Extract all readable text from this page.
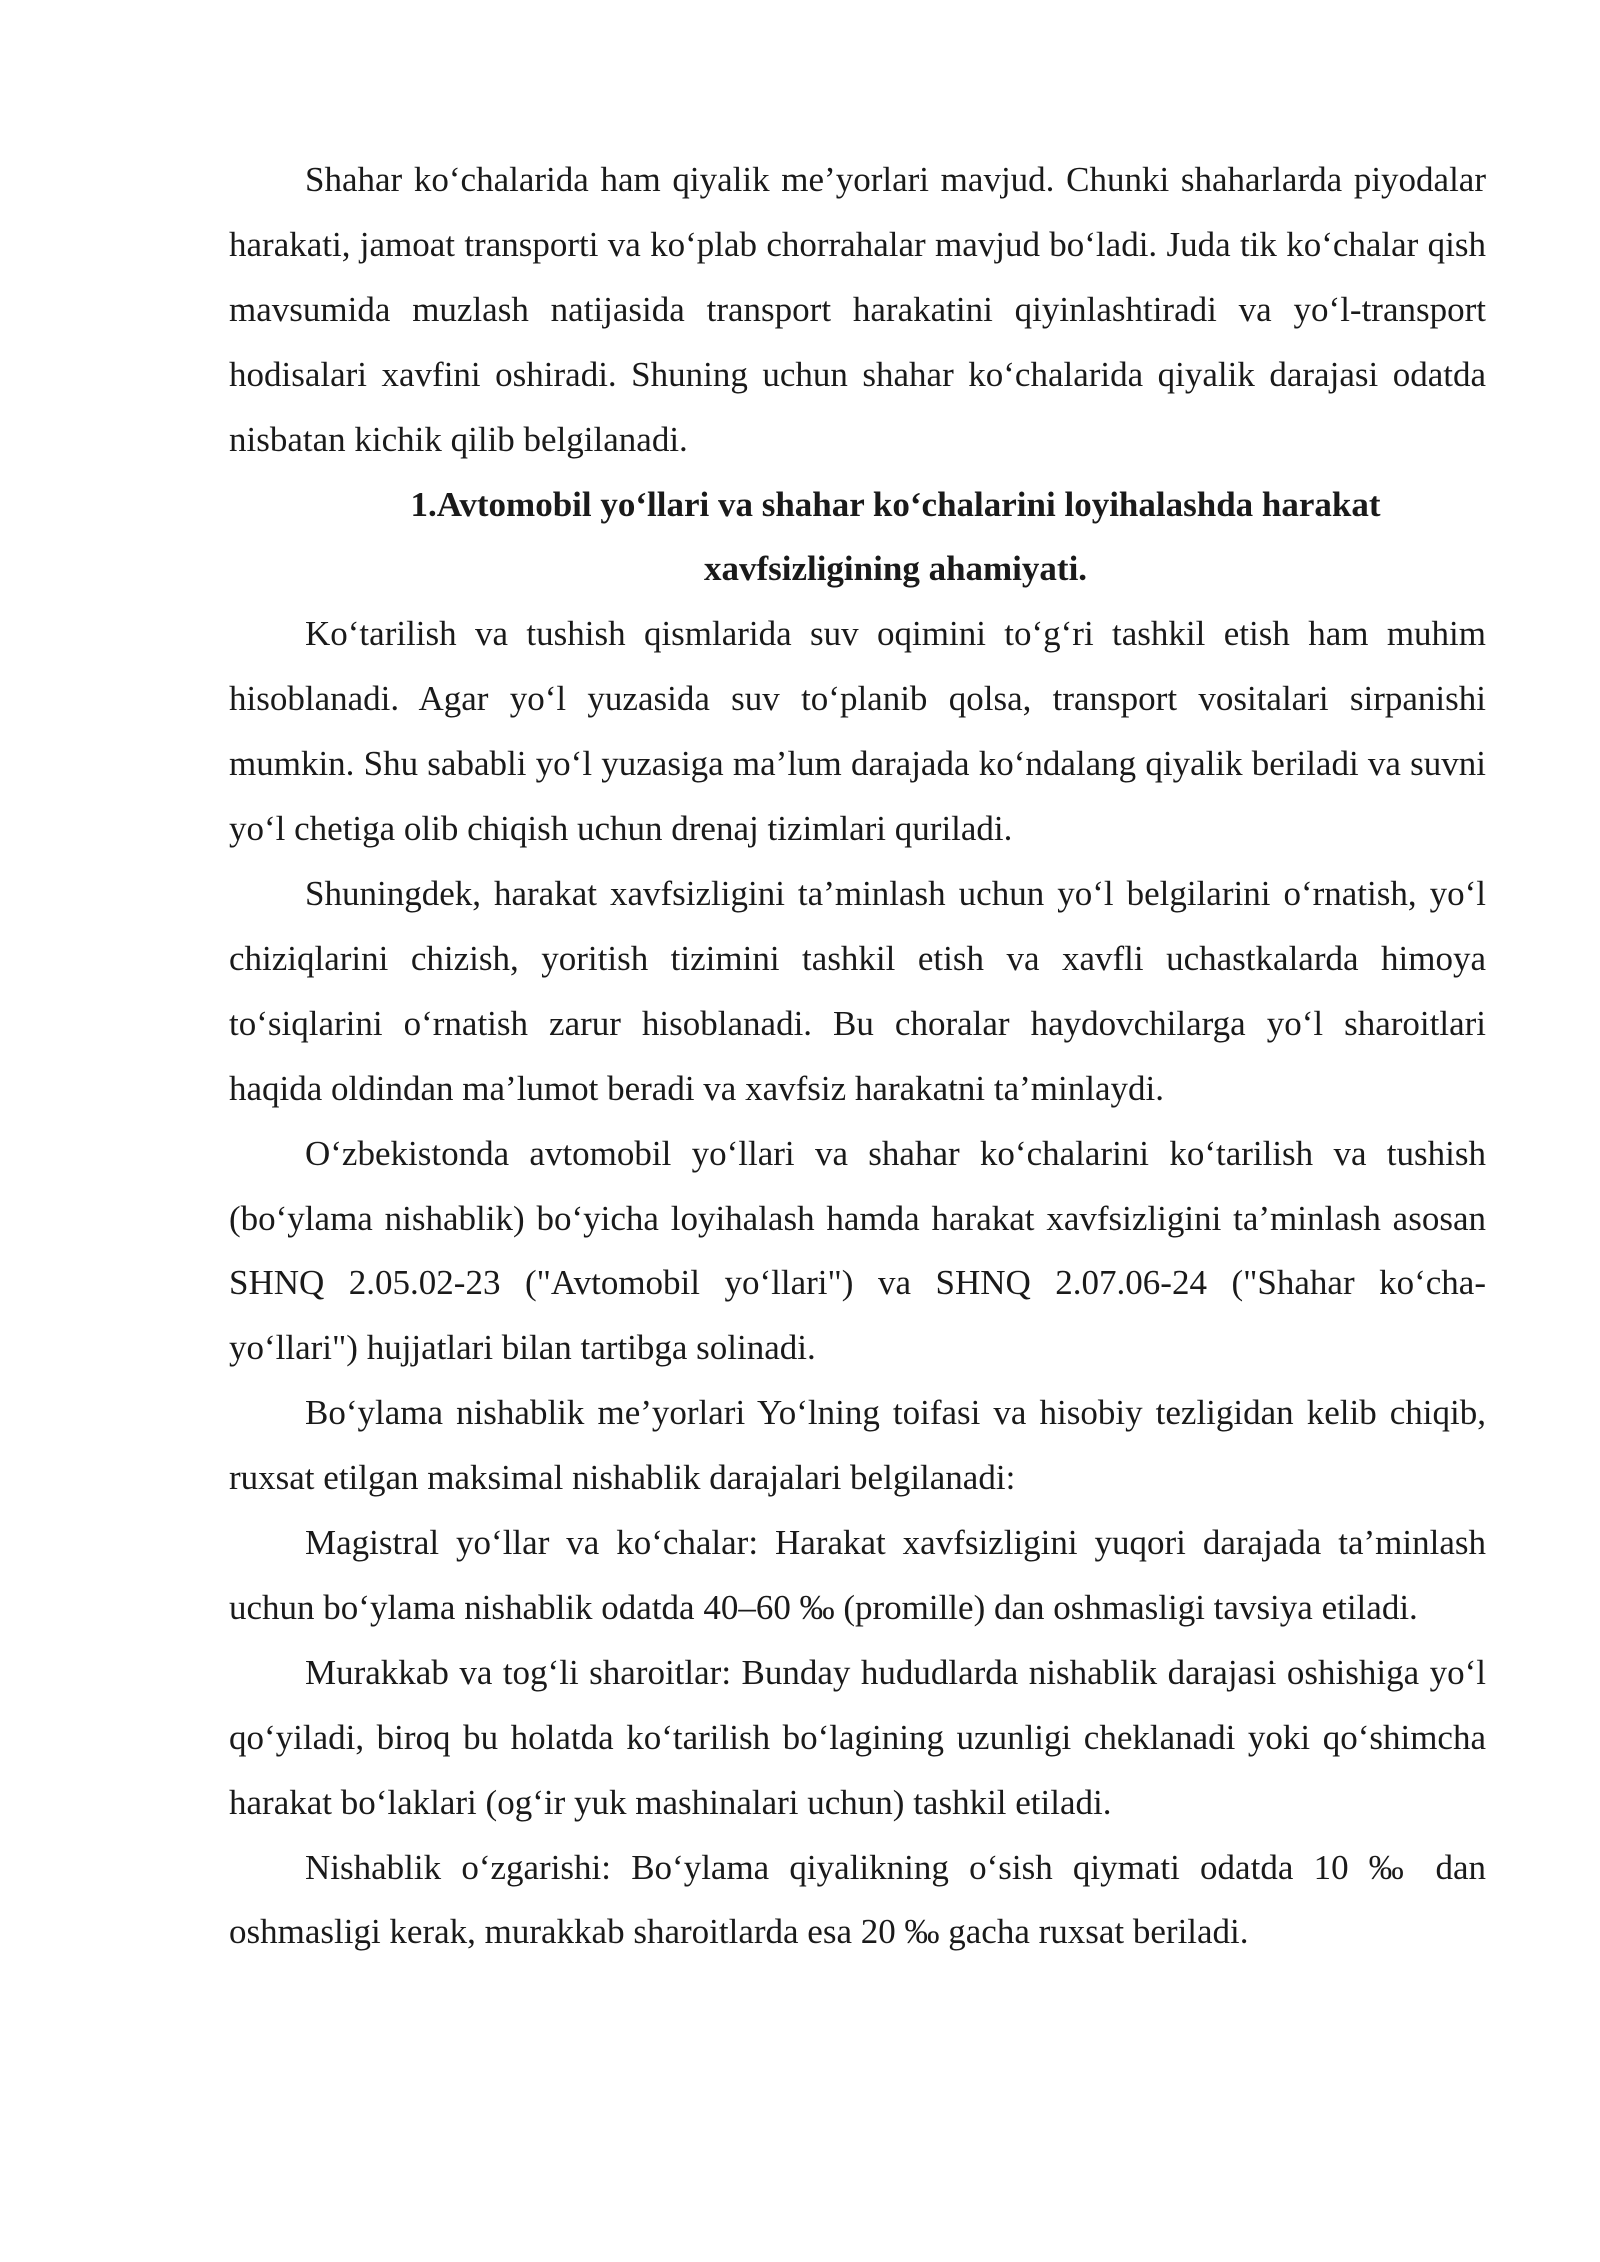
Shahar ko‘chalarida ham qiyalik me’yorlari mavjud. Chunki shaharlarda piyodalar harakati, jamoat transporti va ko‘plab chorrahalar mavjud bo‘ladi. Juda tik ko‘chalar qish mavsumida muzlash natijasida transport harakatini qiyinlashtiradi va yo‘l-transport hodisalari xavfini oshiradi. Shuning uchun shahar ko‘chalarida qiyalik darajasi odatda nisbatan kichik qilib belgilanadi.

1.Avtomobil yo‘llari va shahar ko‘chalarini loyihalashda harakat xavfsizligining ahamiyati.

Ko‘tarilish va tushish qismlarida suv oqimini to‘g‘ri tashkil etish ham muhim hisoblanadi. Agar yo‘l yuzasida suv to‘planib qolsa, transport vositalari sirpanishi mumkin. Shu sababli yo‘l yuzasiga ma’lum darajada ko‘ndalang qiyalik beriladi va suvni yo‘l chetiga olib chiqish uchun drenaj tizimlari quriladi.

Shuningdek, harakat xavfsizligini ta’minlash uchun yo‘l belgilarini o‘rnatish, yo‘l chiziqlarini chizish, yoritish tizimini tashkil etish va xavfli uchastkalarda himoya to‘siqlarini o‘rnatish zarur hisoblanadi. Bu choralar haydovchilarga yo‘l sharoitlari haqida oldindan ma’lumot beradi va xavfsiz harakatni ta’minlaydi.

O‘zbekistonda avtomobil yo‘llari va shahar ko‘chalarini ko‘tarilish va tushish (bo‘ylama nishablik) bo‘yicha loyihalash hamda harakat xavfsizligini ta’minlash asosan SHNQ 2.05.02-23 ("Avtomobil yo‘llari") va SHNQ 2.07.06-24 ("Shahar ko‘cha-yo‘llari") hujjatlari bilan tartibga solinadi.

Bo‘ylama nishablik me’yorlari Yo‘lning toifasi va hisobiy tezligidan kelib chiqib, ruxsat etilgan maksimal nishablik darajalari belgilanadi:

Magistral yo‘llar va ko‘chalar: Harakat xavfsizligini yuqori darajada ta’minlash uchun bo‘ylama nishablik odatda 40–60 ‰ (promille) dan oshmasligi tavsiya etiladi.

Murakkab va tog‘li sharoitlar: Bunday hududlarda nishablik darajasi oshishiga yo‘l qo‘yiladi, biroq bu holatda ko‘tarilish bo‘lagining uzunligi cheklanadi yoki qo‘shimcha harakat bo‘laklari (og‘ir yuk mashinalari uchun) tashkil etiladi.

Nishablik o‘zgarishi: Bo‘ylama qiyalikning o‘sish qiymati odatda 10 ‰ dan oshmasligi kerak, murakkab sharoitlarda esa 20 ‰ gacha ruxsat beriladi.
